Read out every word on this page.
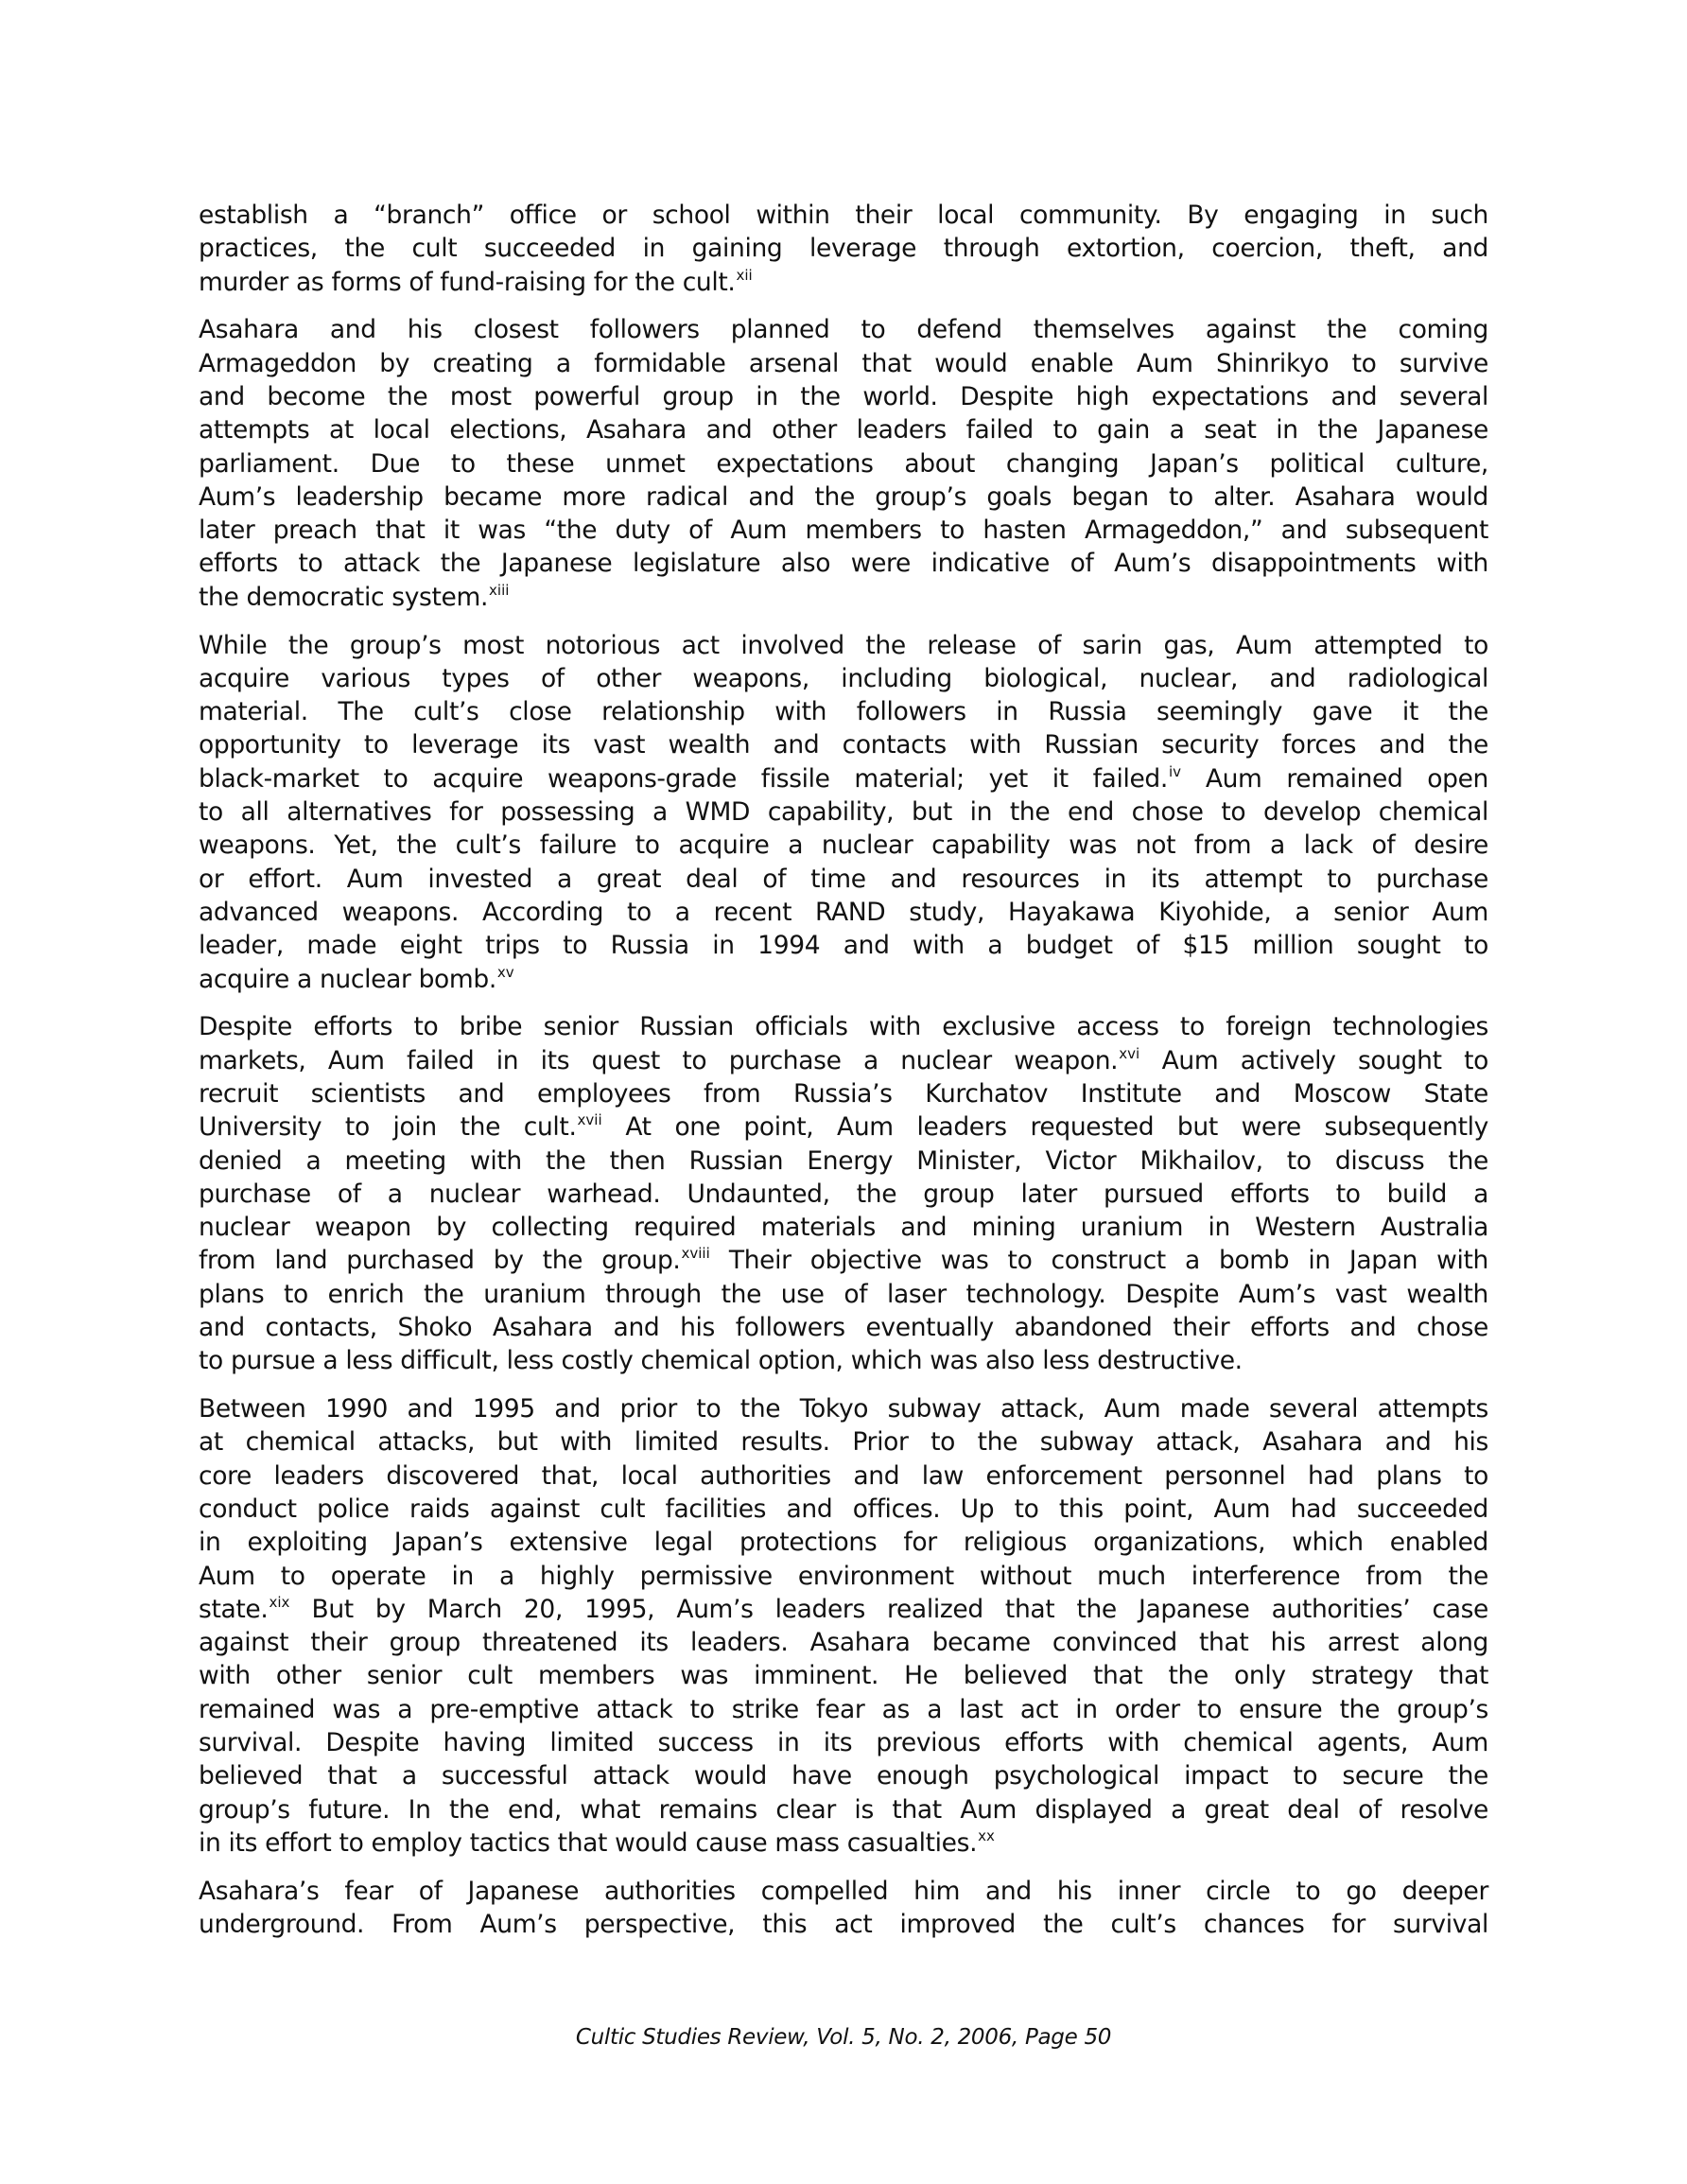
establish a “branch” office or school within their local community. By engaging in such
practices, the cult succeeded in gaining leverage through extortion, coercion, theft, and
murder as forms of fund-raising for the cult.$^{xii}$
Asahara and his closest followers planned to defend themselves against the coming
Armageddon by creating a formidable arsenal that would enable Aum Shinrikyo to survive
and become the most powerful group in the world. Despite high expectations and several
attempts at local elections, Asahara and other leaders failed to gain a seat in the Japanese
parliament. Due to these unmet expectations about changing Japan’s political culture,
Aum’s leadership became more radical and the group’s goals began to alter. Asahara would
later preach that it was “the duty of Aum members to hasten Armageddon,” and subsequent
efforts to attack the Japanese legislature also were indicative of Aum’s disappointments with
the democratic system.$^{xiii}$
While the group’s most notorious act involved the release of sarin gas, Aum attempted to
acquire various types of other weapons, including biological, nuclear, and radiological
material. The cult’s close relationship with followers in Russia seemingly gave it the
opportunity to leverage its vast wealth and contacts with Russian security forces and the
black-market to acquire weapons-grade fissile material; yet it failed.$^{iv}$ Aum remained open
to all alternatives for possessing a WMD capability, but in the end chose to develop chemical
weapons. Yet, the cult’s failure to acquire a nuclear capability was not from a lack of desire
or effort. Aum invested a great deal of time and resources in its attempt to purchase
advanced weapons. According to a recent RAND study, Hayakawa Kiyohide, a senior Aum
leader, made eight trips to Russia in 1994 and with a budget of $15 million sought to
acquire a nuclear bomb.$^{xv}$
Despite efforts to bribe senior Russian officials with exclusive access to foreign technologies
markets, Aum failed in its quest to purchase a nuclear weapon.$^{xvi}$ Aum actively sought to
recruit scientists and employees from Russia’s Kurchatov Institute and Moscow State
University to join the cult.$^{xvii}$ At one point, Aum leaders requested but were subsequently
denied a meeting with the then Russian Energy Minister, Victor Mikhailov, to discuss the
purchase of a nuclear warhead. Undaunted, the group later pursued efforts to build a
nuclear weapon by collecting required materials and mining uranium in Western Australia
from land purchased by the group.$^{xviii}$ Their objective was to construct a bomb in Japan with
plans to enrich the uranium through the use of laser technology. Despite Aum’s vast wealth
and contacts, Shoko Asahara and his followers eventually abandoned their efforts and chose
to pursue a less difficult, less costly chemical option, which was also less destructive.
Between 1990 and 1995 and prior to the Tokyo subway attack, Aum made several attempts
at chemical attacks, but with limited results. Prior to the subway attack, Asahara and his
core leaders discovered that, local authorities and law enforcement personnel had plans to
conduct police raids against cult facilities and offices. Up to this point, Aum had succeeded
in exploiting Japan’s extensive legal protections for religious organizations, which enabled
Aum to operate in a highly permissive environment without much interference from the
state.$^{xix}$ But by March 20, 1995, Aum’s leaders realized that the Japanese authorities’ case
against their group threatened its leaders. Asahara became convinced that his arrest along
with other senior cult members was imminent. He believed that the only strategy that
remained was a pre-emptive attack to strike fear as a last act in order to ensure the group’s
survival. Despite having limited success in its previous efforts with chemical agents, Aum
believed that a successful attack would have enough psychological impact to secure the
group’s future. In the end, what remains clear is that Aum displayed a great deal of resolve
in its effort to employ tactics that would cause mass casualties.$^{xx}$
Asahara’s fear of Japanese authorities compelled him and his inner circle to go deeper
underground. From Aum’s perspective, this act improved the cult’s chances for survival
Cultic Studies Review, Vol. 5, No. 2, 2006, Page 50
